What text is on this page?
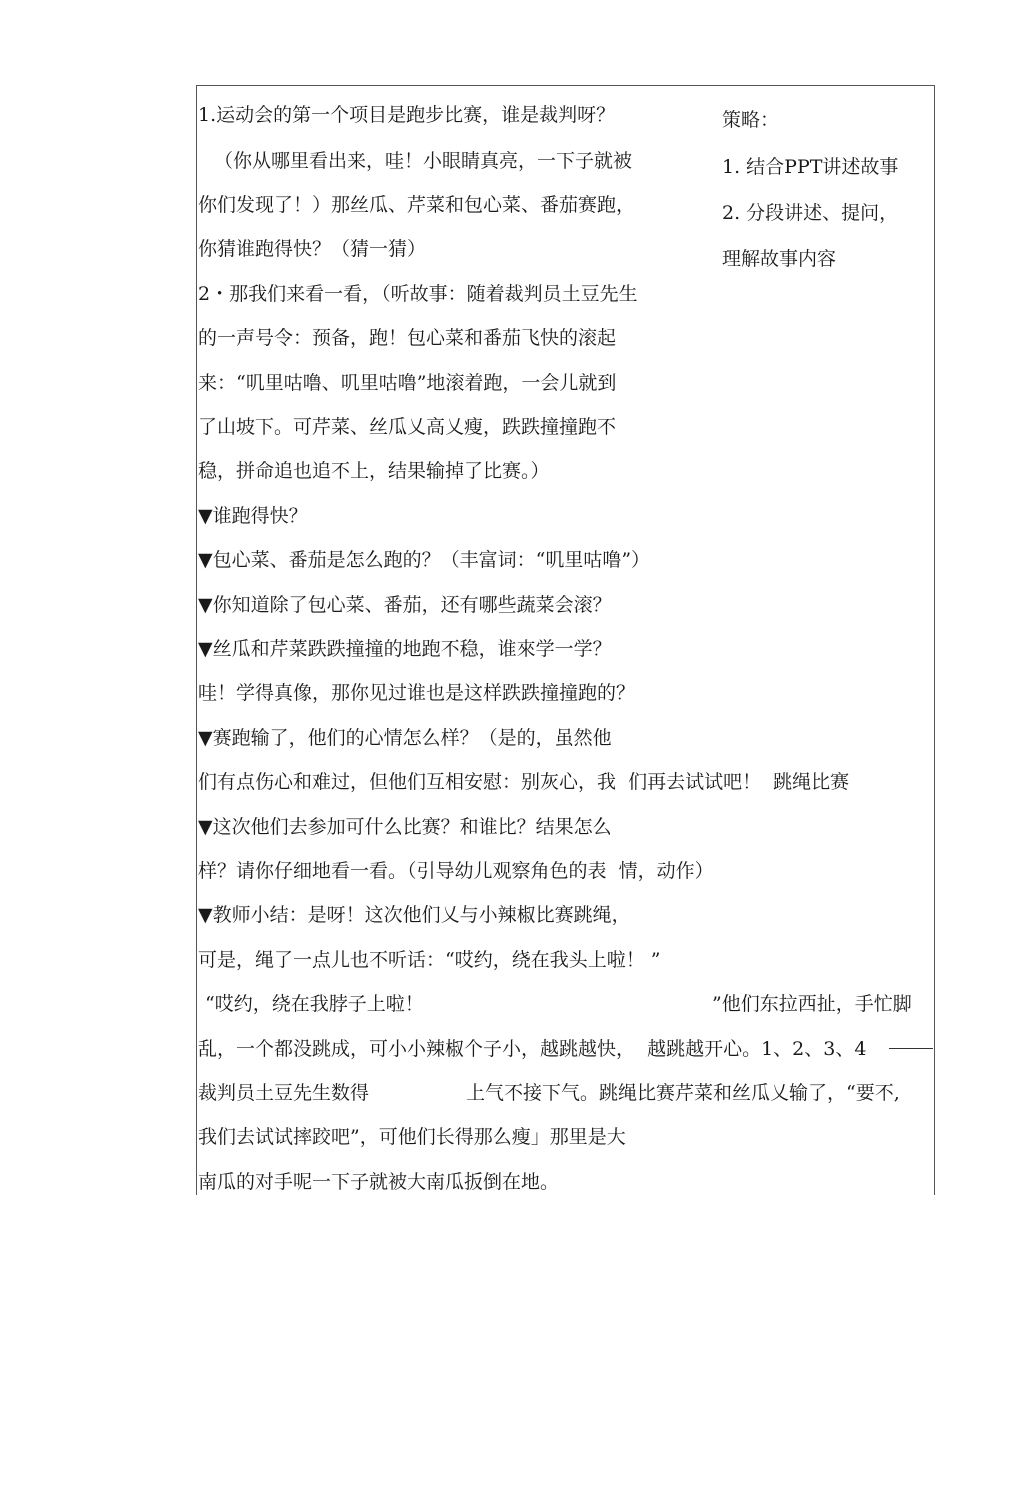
1.运动会的第一个项目是跑步比赛，谁是裁判呀？
（你从哪里看出来，哇！小眼睛真亮，一下子就被
你们发现了！）那丝瓜、芹菜和包心菜、番茄赛跑，
你猜谁跑得快？（猜一猜）
2・那我们来看一看，（听故事：随着裁判员土豆先生
的一声号令：预备，跑！包心菜和番茄飞快的滚起
来：“叽里咕噜、叽里咕噜”地滚着跑，一会儿就到
了山坡下。可芹菜、丝瓜乂高乂瘦，跌跌撞撞跑不
稳，拼命追也追不上，结果输掉了比赛。）
▼谁跑得快？
▼包心菜、番茄是怎么跑的？（丰富词：“叽里咕噜”）
▼你知道除了包心菜、番茄，还有哪些蔬菜会滚？
▼丝瓜和芹菜跌跌撞撞的地跑不稳，谁來学一学？
哇！学得真像，那你见过谁也是这样跌跌撞撞跑的？
▼赛跑输了，他们的心情怎么样？（是的，虽然他
们有点伤心和难过，但他们互相安慰：别灰心，我  们再去试试吧！  跳绳比赛
▼这次他们去参加可什么比赛？和谁比？结果怎么
样？请你仔细地看一看。（引导幼儿观察角色的表  情，动作）
▼教师小结：是呀！这次他们乂与小辣椒比赛跳绳，
可是，绳了一点儿也不听话：“哎约，绕在我头上啦！ ”
“哎约，绕在我脖子上啦！	”他们东拉西扯，手忙脚
乱，一个都没跳成，可小小辣椒个子小，越跳越快，  越跳越开心。1、2、3、4
裁判员土豆先生数得	上气不接下气。跳绳比赛芹菜和丝瓜乂输了，“要不,
我们去试试摔跤吧”，可他们长得那么瘦」那里是大
南瓜的对手呢一下子就被大南瓜扳倒在地。
策略：
1. 结合PPT讲述故事
2. 分段讲述、提问，
理解故事内容
